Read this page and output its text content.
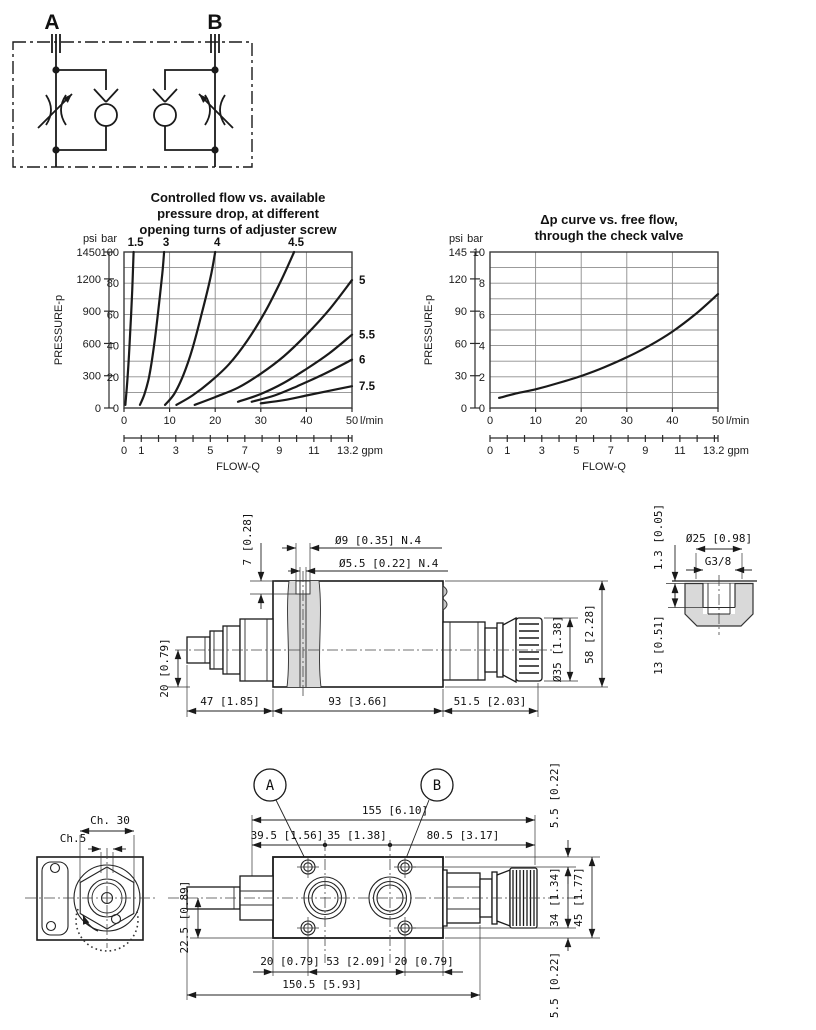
A	B
Controlled flow vs. available
pressure drop, at different
opening turns of adjuster screw
0
20
40
60
80
100
0
300
600
900
1200
1450
psi bar
0	10	20	30	40	50 l/min
0 1	3	5	7	9 11 13.2 gpm
FLOW-Q
PRESSURE-p
1.5 3	4	4.5
5
5.5
6
7.5
Δp curve vs. free flow,
through the check valve
0
2
4
6
8
10
0
30
60
90
120
145
psi bar
0	10	20	30	40	50 l/min
0 1	3	5	7	9 11 13.2 gpm
FLOW-Q
PRESSURE-p
7 [0.28]	Ø9 [0.35] N.4
Ø5.5 [0.22] N.4
20 [0.79]
47 [1.85]	93 [3.66]	51.5 [2.03]
Ø35 [1.38] 58 [2.28]
1.3 [0.05] Ø25 [0.98]
G3/8
13 [0.51]
A	B
155 [6.10]
39.5 [1.56] 35 [1.38]	80.5 [3.17]
22.5 [0.89]
5.5 [0.22]
34 [1.34] 45 [1.77]
5.5 [0.22]
20 [0.79] 53 [2.09] 20 [0.79]
150.5 [5.93]
Ch. 30
Ch.5
